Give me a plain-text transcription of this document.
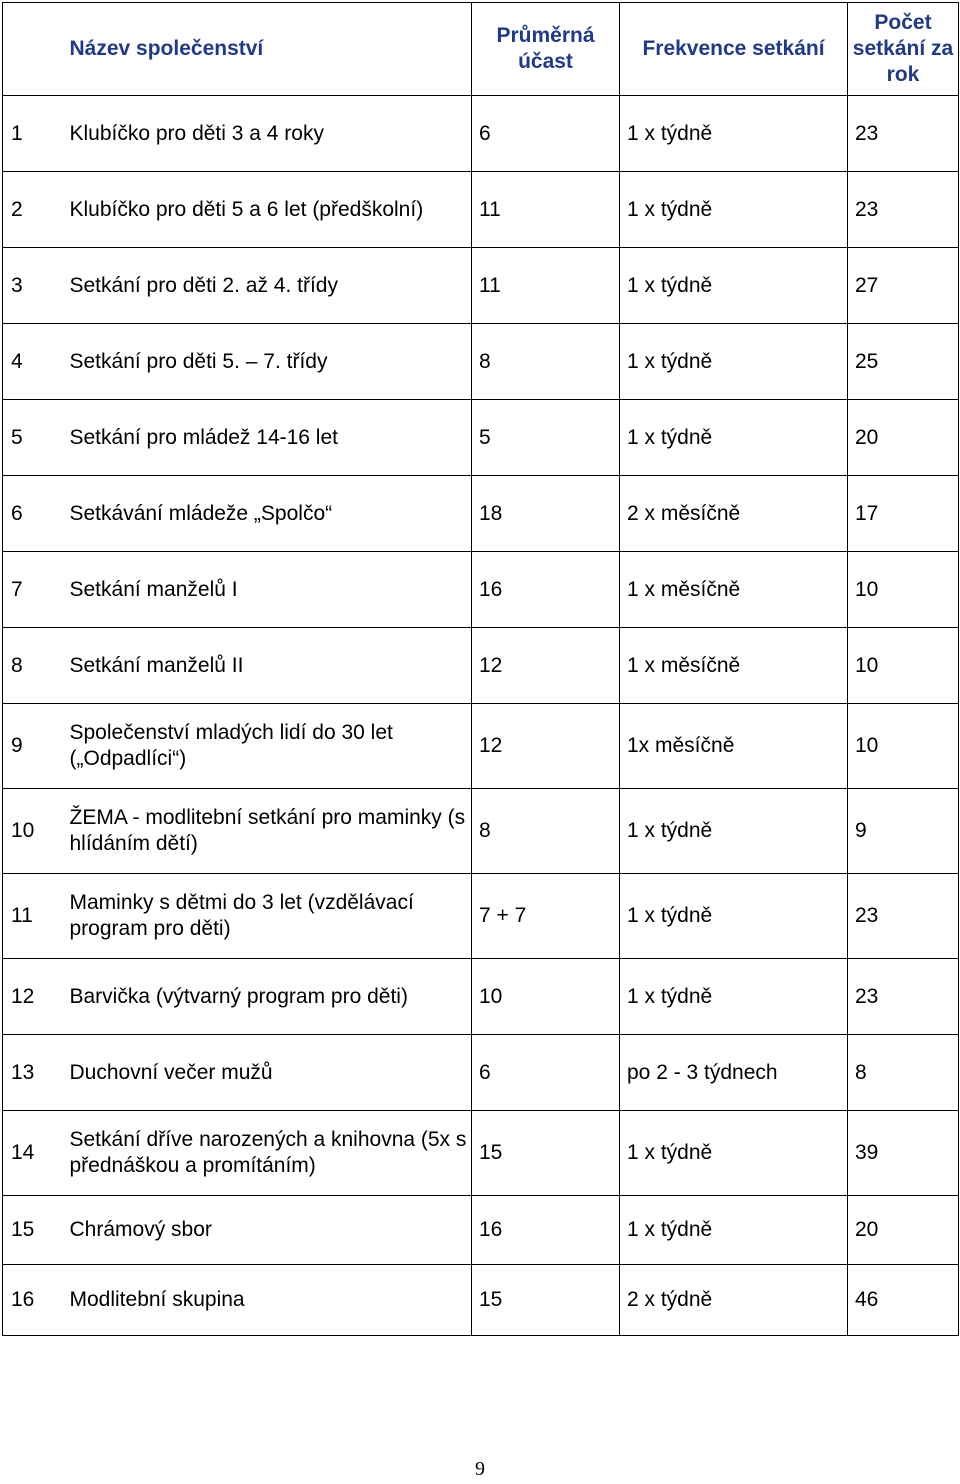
	Název společenství	Průměrná účast	Frekvence setkání	Počet setkání za rok
1	Klubíčko pro děti 3 a 4 roky	6	1 x týdně	23
2	Klubíčko pro děti 5 a 6 let (předškolní)	11	1 x týdně	23
3	Setkání pro děti 2. až 4. třídy	11	1 x týdně	27
4	Setkání pro děti 5. – 7. třídy	8	1 x týdně	25
5	Setkání pro mládež 14-16 let	5	1 x týdně	20
6	Setkávání mládeže „Spolčo“	18	2 x měsíčně	17
7	Setkání manželů I	16	1 x měsíčně	10
8	Setkání manželů II	12	1 x měsíčně	10
9	Společenství mladých lidí do 30 let („Odpadlíci“)	12	1x měsíčně	10
10	ŽEMA - modlitební setkání pro maminky (s hlídáním dětí)	8	1 x týdně	9
11	Maminky s dětmi do 3 let (vzdělávací program pro děti)	7 + 7	1 x týdně	23
12	Barvička (výtvarný program pro děti)	10	1 x týdně	23
13	Duchovní večer mužů	6	po 2 - 3 týdnech	8
14	Setkání dříve narozených a knihovna (5x s přednáškou a promítáním)	15	1 x týdně	39
15	Chrámový sbor	16	1 x týdně	20
16	Modlitební skupina	15	2 x týdně	46
9
